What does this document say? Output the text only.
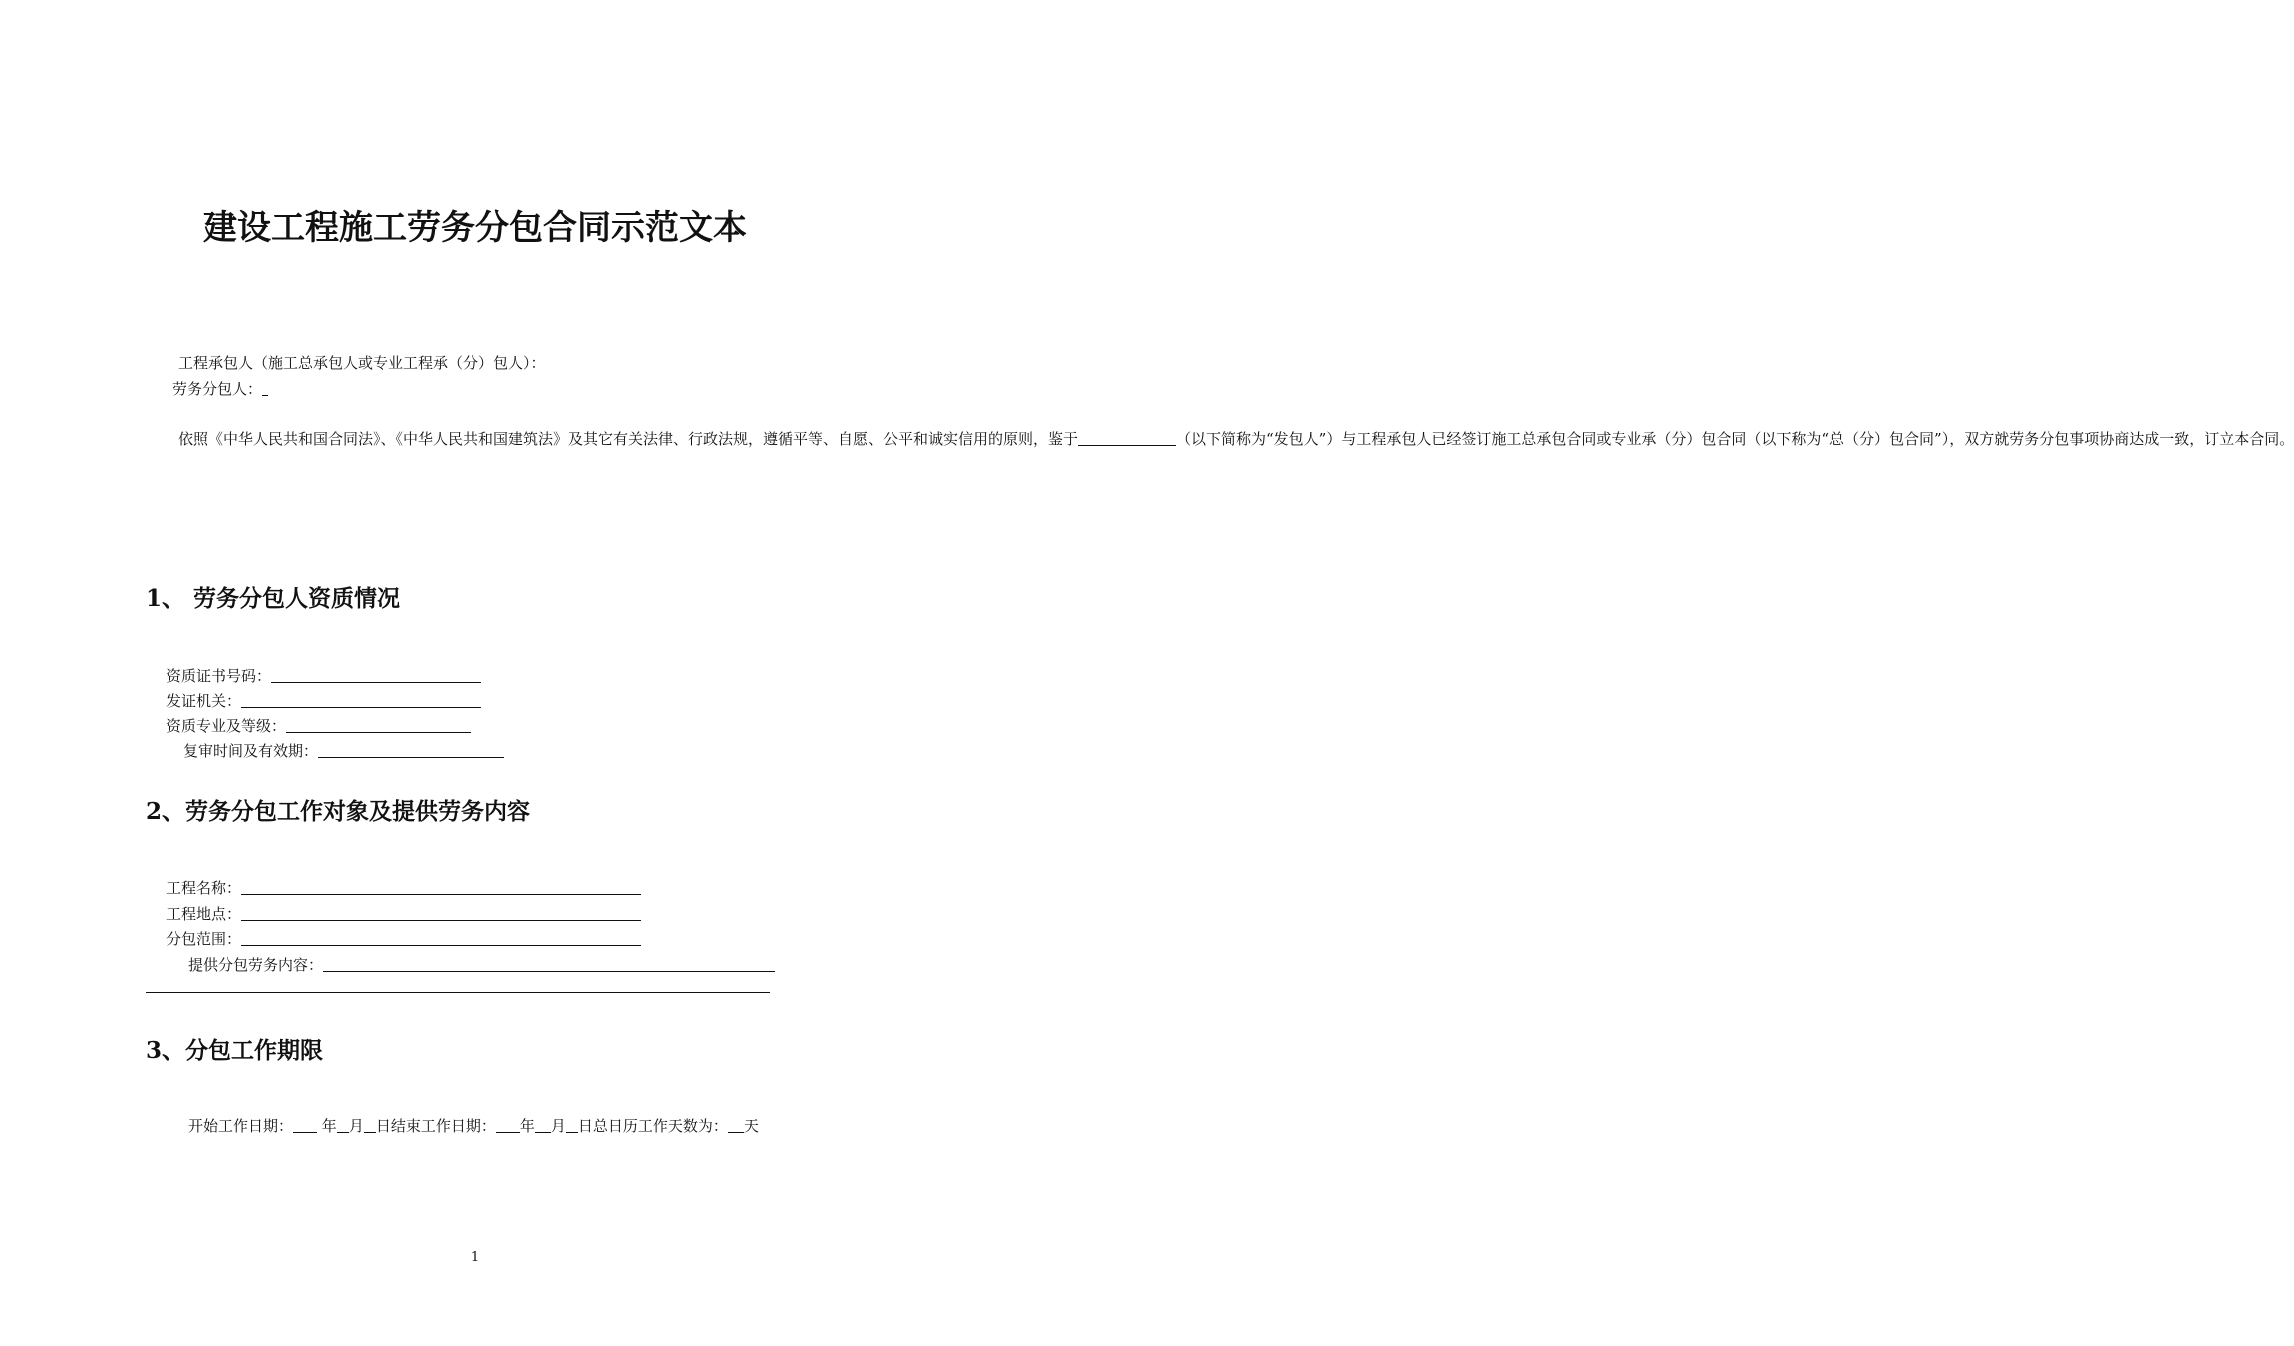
建设工程施工劳务分包合同示范文本
工程承包人（施工总承包人或专业工程承（分）包人）：
劳务分包人：
依照《中华人民共和国合同法》、《中华人民共和国建筑法》及其它有关法律、行政法规，遵循平等、自愿、公平和诚实信用的原则，鉴于	（以下简称为“发包人”）与工程承包人已经签订施工总承包合同或专业承（分）包合同（以下称为“总（分）包合同”），双方就劳务分包事项协商达成一致，订立本合同。
1、 劳务分包人资质情况
资质证书号码：
发证机关：
资质专业及等级：
复审时间及有效期：
2、劳务分包工作对象及提供劳务内容
工程名称：
工程地点：
分包范围：
提供分包劳务内容：
3、分包工作期限
开始工作日期： 年 月 日结束工作日期： 年 月 日总日历工作天数为： 天
1
